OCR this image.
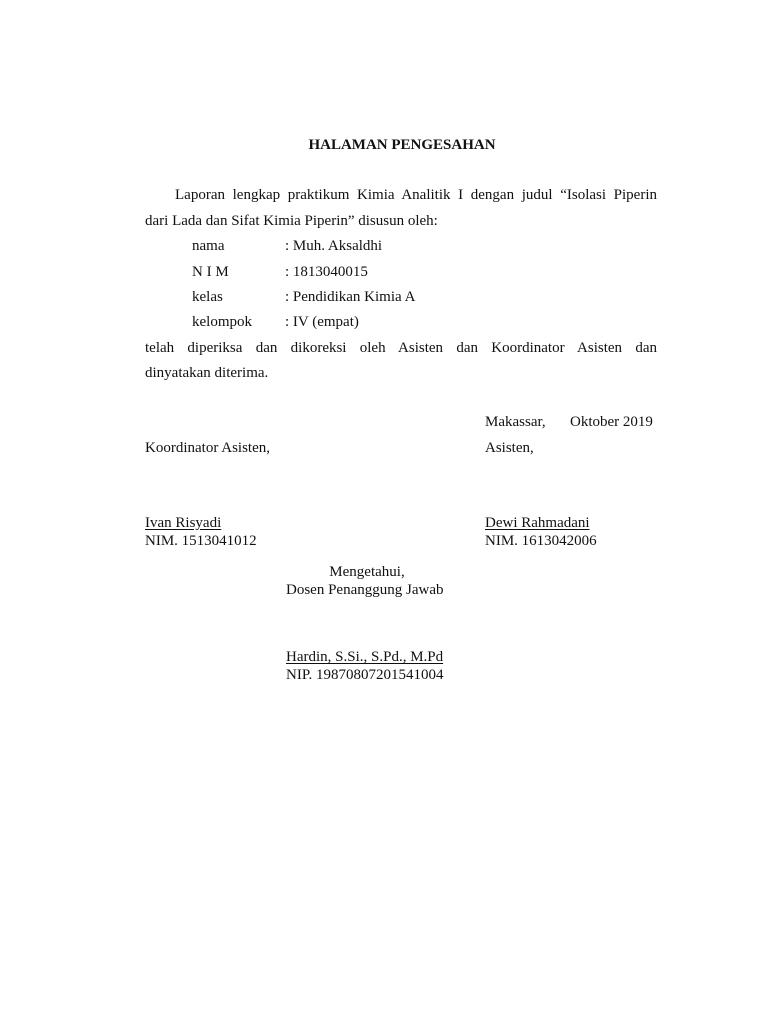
HALAMAN PENGESAHAN
Laporan lengkap praktikum Kimia Analitik I dengan judul “Isolasi Piperin
dari Lada dan Sifat Kimia Piperin” disusun oleh:
nama	: Muh. Aksaldhi
N I M	: 1813040015
kelas	: Pendidikan Kimia A
kelompok : IV (empat)
telah diperiksa dan dikoreksi oleh Asisten dan Koordinator Asisten dan
dinyatakan diterima.
Makassar, Oktober 2019
Koordinator Asisten,	Asisten,
Ivan Risyadi
NIM. 1513041012
Dewi Rahmadani
NIM. 1613042006
Mengetahui,
Dosen Penanggung Jawab
Hardin, S.Si., S.Pd., M.Pd
NIP. 19870807201541004
